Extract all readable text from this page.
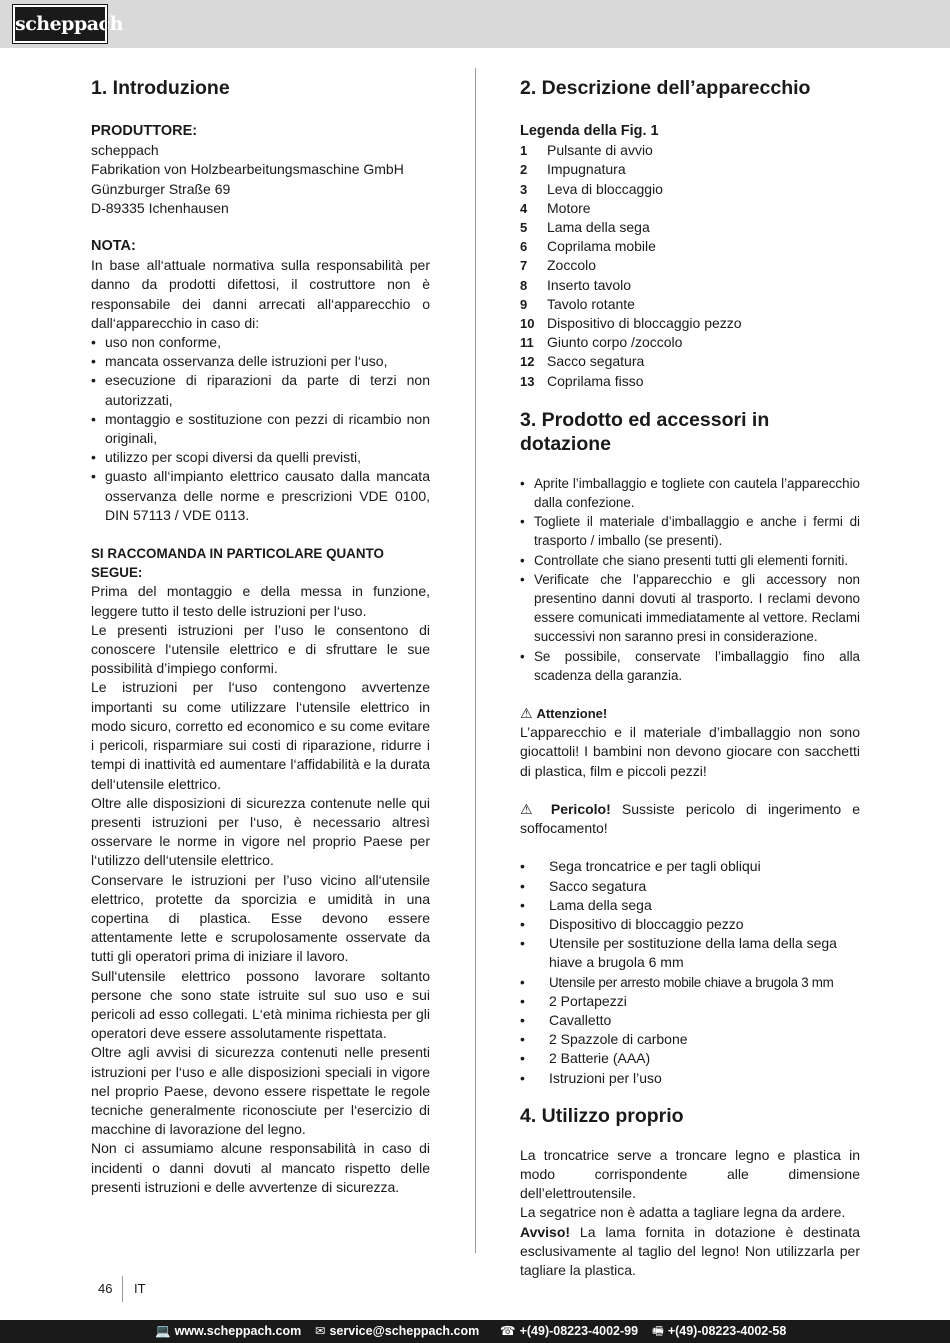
scheppach
1. Introduzione
PRODUTTORE:
scheppach
Fabrikation von Holzbearbeitungsmaschine GmbH
Günzburger Straße 69
D-89335 Ichenhausen
NOTA:
In base all‘attuale normativa sulla responsabilità per danno da prodotti difettosi, il costruttore non è responsabile dei danni arrecati all‘apparecchio o dall‘apparecchio in caso di:
• uso non conforme,
• mancata osservanza delle istruzioni per l‘uso,
• esecuzione di riparazioni da parte di terzi non autorizzati,
• montaggio e sostituzione con pezzi di ricambio non originali,
• utilizzo per scopi diversi da quelli previsti,
• guasto all‘impianto elettrico causato dalla mancata osservanza delle norme e prescrizioni VDE 0100, DIN 57113 / VDE 0113.
SI RACCOMANDA IN PARTICOLARE QUANTO SEGUE:
Prima del montaggio e della messa in funzione, leggere tutto il testo delle istruzioni per l‘uso.
Le presenti istruzioni per l’uso le consentono di conoscere l‘utensile elettrico e di sfruttare le sue possibilità d’impiego conformi.
Le istruzioni per l‘uso contengono avvertenze importanti su come utilizzare l‘utensile elettrico in modo sicuro, corretto ed economico e su come evitare i pericoli, risparmiare sui costi di riparazione, ridurre i tempi di inattività ed aumentare l‘affidabilità e la durata dell‘utensile elettrico.
Oltre alle disposizioni di sicurezza contenute nelle qui presenti istruzioni per l‘uso, è necessario altresì osservare le norme in vigore nel proprio Paese per l‘utilizzo dell‘utensile elettrico.
Conservare le istruzioni per l’uso vicino all‘utensile elettrico, protette da sporcizia e umidità in una copertina di plastica. Esse devono essere attentamente lette e scrupolosamente osservate da tutti gli operatori prima di iniziare il lavoro.
Sull‘utensile elettrico possono lavorare soltanto persone che sono state istruite sul suo uso e sui pericoli ad esso collegati. L‘età minima richiesta per gli operatori deve essere assolutamente rispettata.
Oltre agli avvisi di sicurezza contenuti nelle presenti istruzioni per l‘uso e alle disposizioni speciali in vigore nel proprio Paese, devono essere rispettate le regole tecniche generalmente riconosciute per l‘esercizio di macchine di lavorazione del legno.
Non ci assumiamo alcune responsabilità in caso di incidenti o danni dovuti al mancato rispetto delle presenti istruzioni e delle avvertenze di sicurezza.
2. Descrizione dell’apparecchio
Legenda della Fig. 1
1	Pulsante di avvio
2	Impugnatura
3	Leva di bloccaggio
4	Motore
5	Lama della sega
6	Coprilama mobile
7	Zoccolo
8	Inserto tavolo
9	Tavolo rotante
10 Dispositivo di bloccaggio pezzo
11 Giunto corpo /zoccolo
12 Sacco segatura
13 Coprilama fisso
3. Prodotto ed accessori in dotazione
• Aprite l’imballaggio e togliete con cautela l’apparecchio dalla confezione.
• Togliete il materiale d’imballaggio e anche i fermi di trasporto / imballo (se presenti).
• Controllate che siano presenti tutti gli elementi forniti.
• Verificate che l’apparecchio e gli accessory non presentino danni dovuti al trasporto. I reclami devono essere comunicati immediatamente al vettore. Reclami successivi non saranno presi in considerazione.
• Se possibile, conservate l’imballaggio fino alla scadenza della garanzia.
⚠ Attenzione!
L’apparecchio e il materiale d’imballaggio non sono giocattoli! I bambini non devono giocare con sacchetti di plastica, film e piccoli pezzi!
⚠ Pericolo! Sussiste pericolo di ingerimento e soffocamento!
• Sega troncatrice e per tagli obliqui
• Sacco segatura
• Lama della sega
• Dispositivo di bloccaggio pezzo
• Utensile per sostituzione della lama della sega hiave a brugola 6 mm
• Utensile per arresto mobile chiave a brugola 3 mm
• 2 Portapezzi
• Cavalletto
• 2 Spazzole di carbone
• 2 Batterie (AAA)
• Istruzioni per l’uso
4. Utilizzo proprio
La troncatrice serve a troncare legno e plastica in modo corrispondente alle dimensione dell’elettroutensile.
La segatrice non è adatta a tagliare legna da ardere.
Avviso! La lama fornita in dotazione è destinata esclusivamente al taglio del legno! Non utilizzarla per tagliare la plastica.
46 IT
💻 www.scheppach.com ✉ service@scheppach.com ☎ +(49)-08223-4002-99 🖷 +(49)-08223-4002-58
